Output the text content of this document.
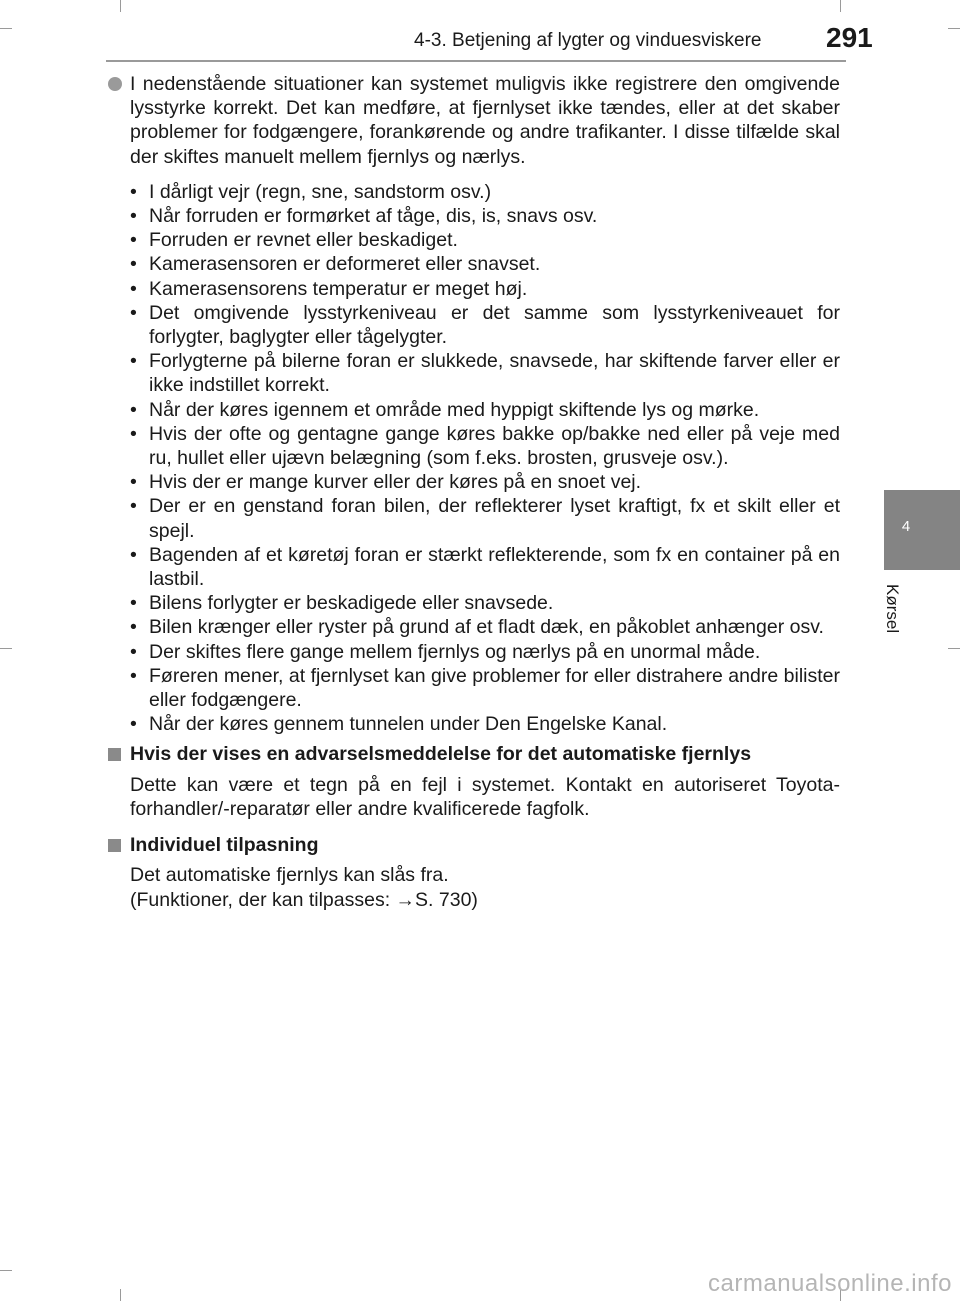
4-3. Betjening af lygter og vinduesviskere 291
4
Kørsel

I nedenstående situationer kan systemet muligvis ikke registrere den omgivende lysstyrke korrekt. Det kan medføre, at fjernlyset ikke tændes, eller at det skaber problemer for fodgængere, forankørende og andre trafikanter. I disse tilfælde skal der skiftes manuelt mellem fjernlys og nærlys.

• I dårligt vejr (regn, sne, sandstorm osv.)
• Når forruden er formørket af tåge, dis, is, snavs osv.
• Forruden er revnet eller beskadiget.
• Kamerasensoren er deformeret eller snavset.
• Kamerasensorens temperatur er meget høj.
• Det omgivende lysstyrkeniveau er det samme som lysstyrkeniveauet for forlygter, baglygter eller tågelygter.
• Forlygterne på bilerne foran er slukkede, snavsede, har skiftende farver eller er ikke indstillet korrekt.
• Når der køres igennem et område med hyppigt skiftende lys og mørke.
• Hvis der ofte og gentagne gange køres bakke op/bakke ned eller på veje med ru, hullet eller ujævn belægning (som f.eks. brosten, grusveje osv.).
• Hvis der er mange kurver eller der køres på en snoet vej.
• Der er en genstand foran bilen, der reflekterer lyset kraftigt, fx et skilt eller et spejl.
• Bagenden af et køretøj foran er stærkt reflekterende, som fx en container på en lastbil.
• Bilens forlygter er beskadigede eller snavsede.
• Bilen krænger eller ryster på grund af et fladt dæk, en påkoblet anhænger osv.
• Der skiftes flere gange mellem fjernlys og nærlys på en unormal måde.
• Føreren mener, at fjernlyset kan give problemer for eller distrahere andre bilister eller fodgængere.
• Når der køres gennem tunnelen under Den Engelske Kanal.
Hvis der vises en advarselsmeddelelse for det automatiske fjernlys

Dette kan være et tegn på en fejl i systemet. Kontakt en autoriseret Toyota-forhandler/-reparatør eller andre kvalificerede fagfolk.

Individuel tilpasning

Det automatiske fjernlys kan slås fra.
(Funktioner, der kan tilpasses: →S. 730)

carmanualsonline.info
